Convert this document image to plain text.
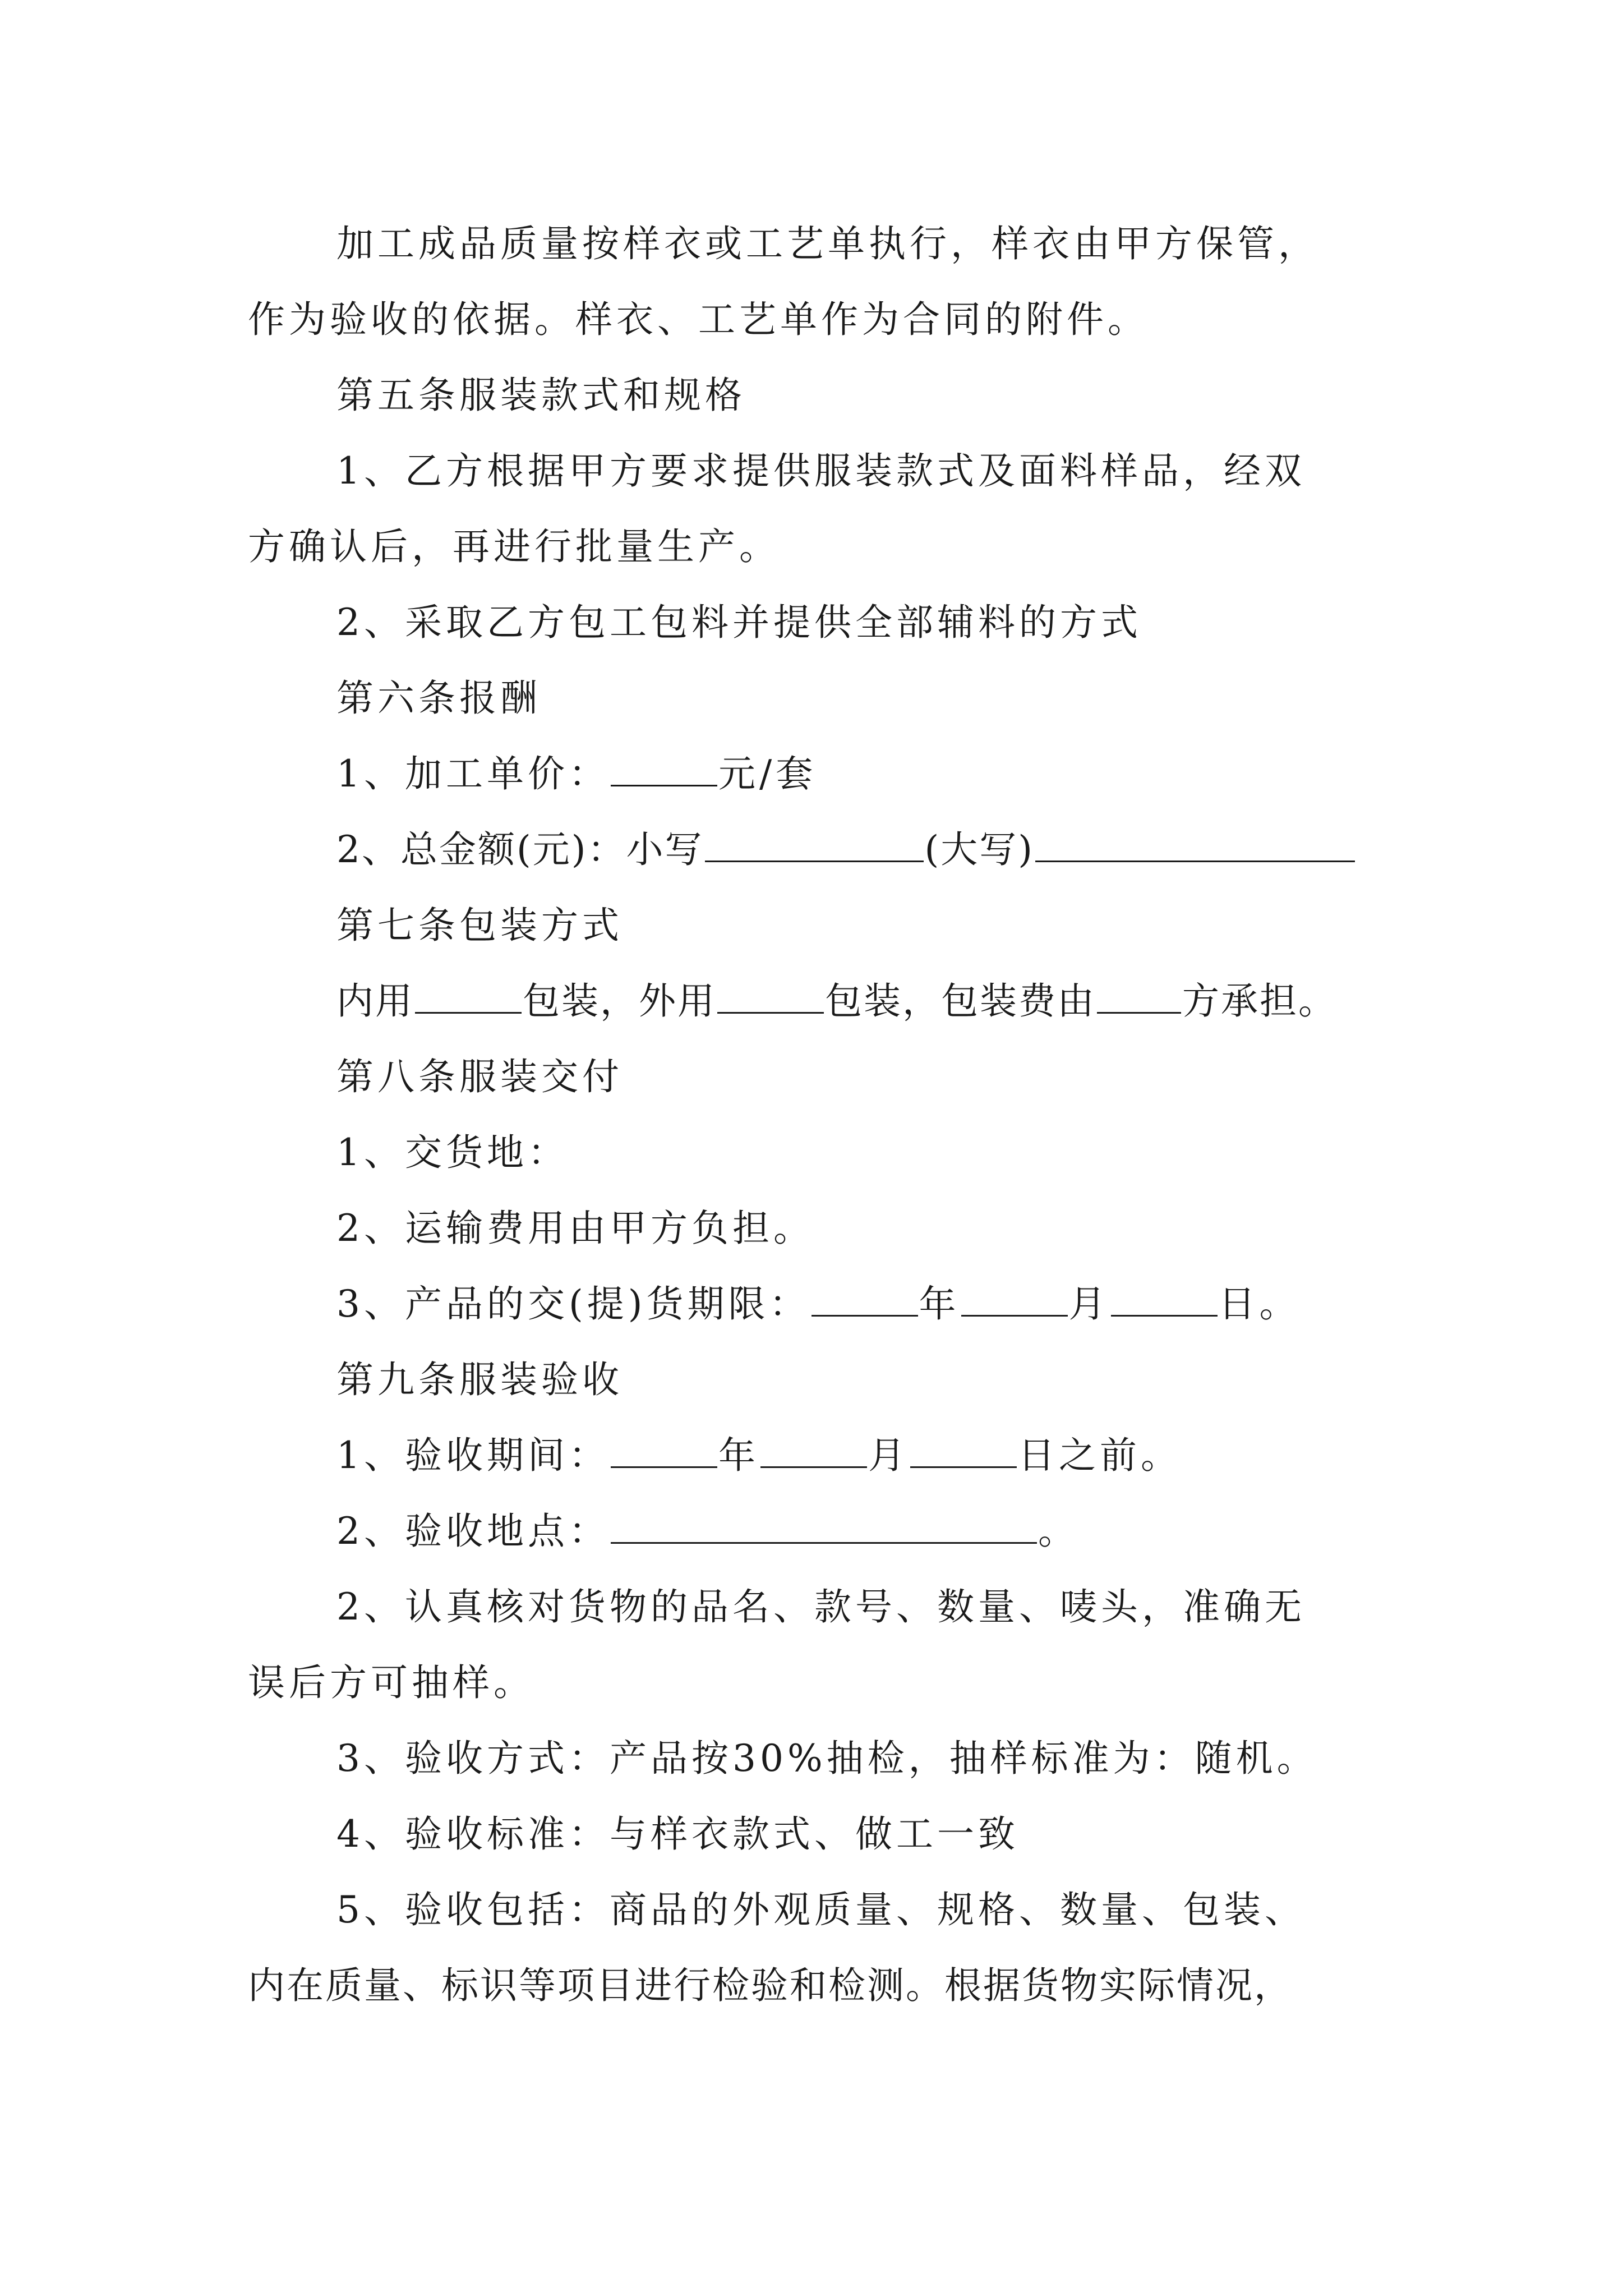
加工成品质量按样衣或工艺单执行，样衣由甲方保管，
作为验收的依据。样衣、工艺单作为合同的附件。
第五条服装款式和规格
1、乙方根据甲方要求提供服装款式及面料样品，经双
方确认后，再进行批量生产。
2、采取乙方包工包料并提供全部辅料的方式
第六条报酬
1、加工单价：	元/套
2、总金额(元)：小写	(大写)
第七条包装方式
内用	包装，外用	包装，包装费由 方承担。
第八条服装交付
1、交货地：
2、运输费用由甲方负担。
3、产品的交(提)货期限：	年	月	日。
第九条服装验收
1、验收期间：	年	月	日之前。
2、验收地点：	。
2、认真核对货物的品名、款号、数量、唛头，准确无
误后方可抽样。
3、验收方式：产品按30%抽检，抽样标准为：随机。
4、验收标准：与样衣款式、做工一致
5、验收包括：商品的外观质量、规格、数量、包装、
内在质量、标识等项目进行检验和检测。根据货物实际情况，
